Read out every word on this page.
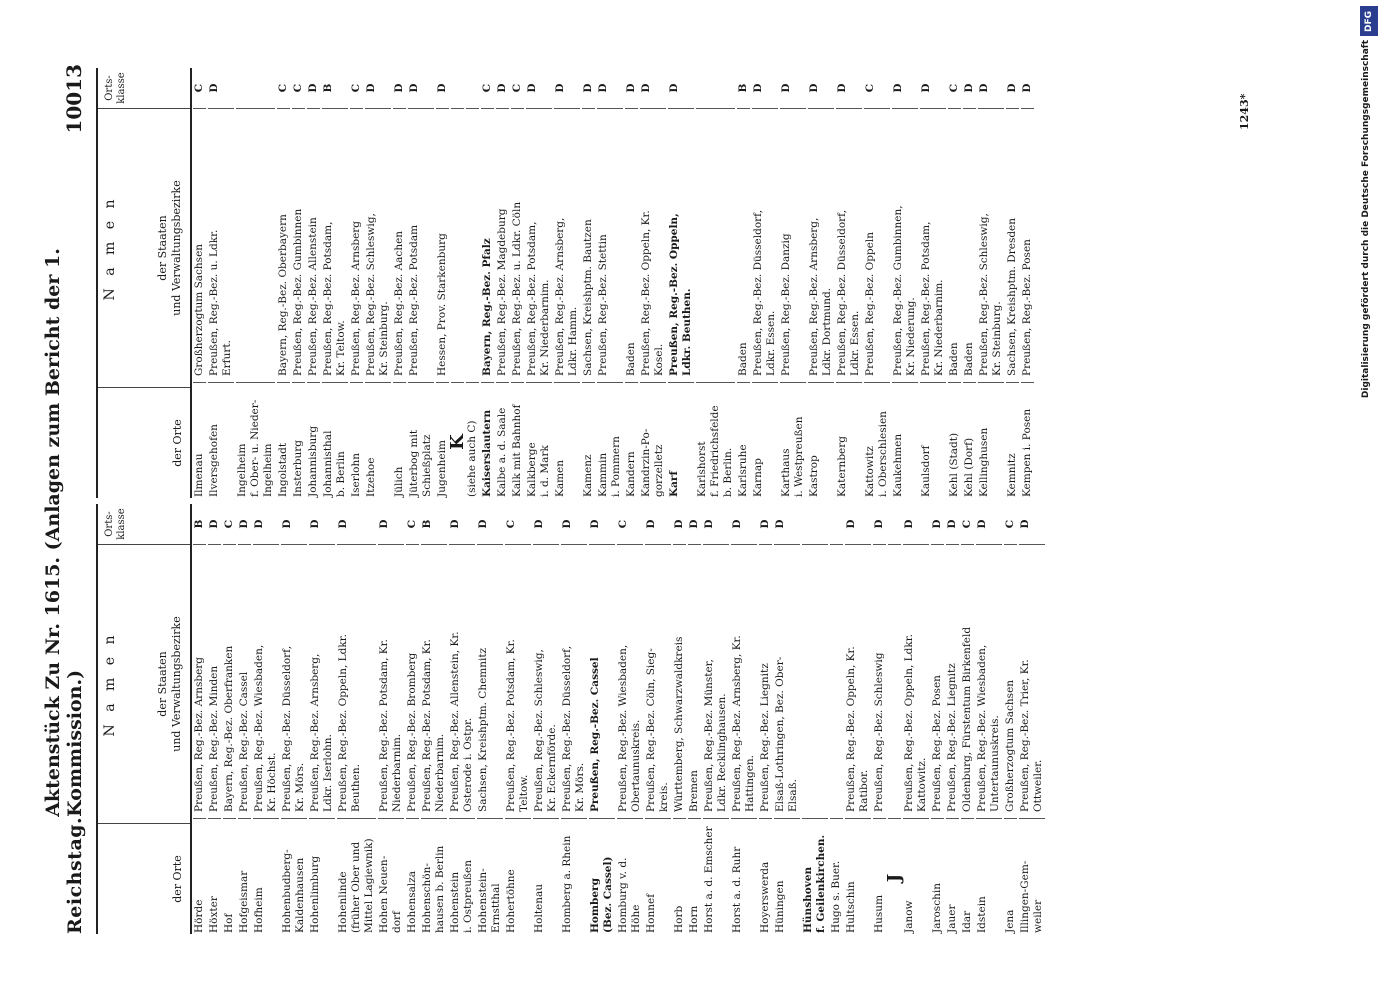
Reichstag.
Aktenstück Zu Nr. 1615. (Anlagen zum Bericht der 1. Kommission.)
10013
der Orte
N a m e n	der Staaten
und Verwaltungsbezirke
Orts-
klasse
Hörde
Preußen, Reg.-Bez. Arnsberg
B
Höxter
Preußen, Reg.-Bez. Minden
D
Hof
Bayern, Reg.-Bez. Oberfranken
C
Hofgeismar
Preußen, Reg.-Bez. Cassel
D
Hofheim
Preußen, Reg.-Bez. Wiesbaden,
Kr. Höchst.
D
Hohenbudberg-
Kaldenhausen
Preußen, Reg.-Bez. Düsseldorf,
Kr. Mörs.
D
Hohenlimburg
Preußen, Reg.-Bez. Arnsberg,
Ldkr. Iserlohn.
D
Hohenlinde
(früher Ober und
Mittel Lagiewnik)
Preußen, Reg.-Bez. Oppeln, Ldkr.
Beuthen.
D
Hohen Neuen-
dorf
Preußen, Reg.-Bez. Potsdam, Kr.
Niederbarnim.
D
Hohensalza
Preußen, Reg.-Bez. Bromberg
C
Hohenschön-
hausen b. Berlin
Preußen, Reg.-Bez. Potsdam, Kr.
Niederbarnim.
B
Hohenstein
i. Ostpreußen
Preußen, Reg.-Bez. Allenstein, Kr.
Osterode i. Ostpr.
D
Hohenstein-
Ernstthal
Sachsen, Kreishptm. Chemnitz
D
Hohertöhne
Preußen, Reg.-Bez. Potsdam, Kr.
Teltow.
C
Holtenau
Preußen, Reg.-Bez. Schleswig,
Kr. Eckernförde.
D
Homberg a. Rhein
Preußen, Reg.-Bez. Düsseldorf,
Kr. Mörs.
D
Homberg
(Bez. Cassel)
Preußen, Reg.-Bez. Cassel
D
Homburg v. d.
Höhe
Preußen, Reg.-Bez. Wiesbaden,
Obertaunuskreis.
C
Honnef
Preußen, Reg.-Bez. Cöln, Sieg-
kreis.
D
Horb
Württemberg, Schwarzwaldkreis
D
Horn
Bremen
D
Horst a. d. Emscher
Preußen, Reg.-Bez. Münster,
Ldkr. Recklinghausen.
D
Horst a. d. Ruhr
Preußen, Reg.-Bez. Arnsberg, Kr.
Hattingen.
D
Hoyerswerda
Preußen, Reg.-Bez. Liegnitz
D
Hüningen
Elsaß-Lothringen, Bez. Ober-
Elsaß.
D
Hünshoven
f. Geilenkirchen. Hugo s. Buer. Hultschin
Preußen, Reg.-Bez. Oppeln, Kr.
Ratibor.
D
Husum
Preußen, Reg.-Bez. Schleswig
D
J
Janow
Preußen, Reg.-Bez. Oppeln, Ldkr.
Kattowitz.
D
Jaroschin
Preußen, Reg.-Bez. Posen
D
Jauer
Preußen, Reg.-Bez. Liegnitz
D
Idar
Oldenburg, Fürstentum Birkenfeld
C
Idstein
Preußen, Reg.-Bez. Wiesbaden,
Untertaunuskreis.
D
Jena
Großherzogtum Sachsen
C
Illingen-Gem-
weiler
Preußen, Reg.-Bez. Trier, Kr.
Ottweiler.
D
der Orte
N a m e n	der Staaten
und Verwaltungsbezirke
Orts-
klasse
Ilmenau
Großherzogtum Sachsen
C
Ilversgehofen
Preußen, Reg.-Bez. u. Ldkr.
Erfurt.
D
Ingelheim
f. Ober- u. Nieder-
Ingelheim Ingolstadt
Bayern, Reg.-Bez. Oberbayern
C
Insterburg
Preußen, Reg.-Bez. Gumbinnen
C
Johannisburg
Preußen, Reg.-Bez. Allenstein
D
Johannisthal
b. Berlin
Preußen, Reg.-Bez. Potsdam,
Kr. Teltow.
B
Iserlohn
Preußen, Reg.-Bez. Arnsberg
C
Itzehoe
Preußen, Reg.-Bez. Schleswig,
Kr. Steinburg.
D
Jülich
Preußen, Reg.-Bez. Aachen
D
Jüterbog mit
Schießplatz
Preußen, Reg.-Bez. Potsdam
D
Jugenheim
Hessen, Prov. Starkenburg
D
K
(siehe auch C) Kaiserslautern
Bayern, Reg.-Bez. Pfalz
C
Kalbe a. d. Saale
Preußen, Reg.-Bez. Magdeburg
D
Kalk mit Bahnhof
Preußen, Reg.-Bez. u. Ldkr. Cöln
C
Kalkberge
i. d. Mark
Preußen, Reg.-Bez. Potsdam,
Kr. Niederbarnim.
D
Kamen
Preußen, Reg.-Bez. Arnsberg,
Ldkr. Hamm.
D
Kamenz
Sachsen, Kreishptm. Bautzen
D
Kammin
i. Pommern
Preußen, Reg.-Bez. Stettin
D
Kandern
Baden
D
Kandrzin-Po-
gorzelletz
Preußen, Reg.-Bez. Oppeln, Kr.
Kosel.
D
Karf
Preußen, Reg.-Bez. Oppeln,
Ldkr. Beuthen.
D
Karlshorst
f. Friedrichsfelde
b. Berlin. Karlsruhe
Baden
B
Karnap
Preußen, Reg.-Bez. Düsseldorf,
Ldkr. Essen.
D
Karthaus
i. Westpreußen
Preußen, Reg.-Bez. Danzig
D
Kastrop
Preußen, Reg.-Bez. Arnsberg,
Ldkr. Dortmund.
D
Katernberg
Preußen, Reg.-Bez. Düsseldorf,
Ldkr. Essen.
D
Kattowitz
i. Oberschlesien
Preußen, Reg.-Bez. Oppeln
C
Kaukehmen
Preußen, Reg.-Bez. Gumbinnen,
Kr. Niederung.
D
Kaulsdorf
Preußen, Reg.-Bez. Potsdam,
Kr. Niederbarnim.
D
Kehl (Stadt)
Baden
C
Kehl (Dorf)
Baden
D
Kellinghusen
Preußen, Reg.-Bez. Schleswig,
Kr. Steinburg.
D
Kemnitz
Sachsen, Kreishptm. Dresden
D
Kempen i. Posen
Preußen, Reg.-Bez. Posen
D
1243*
DFG
Digitalisierung gefördert durch die Deutsche Forschungsgemeinschaft
